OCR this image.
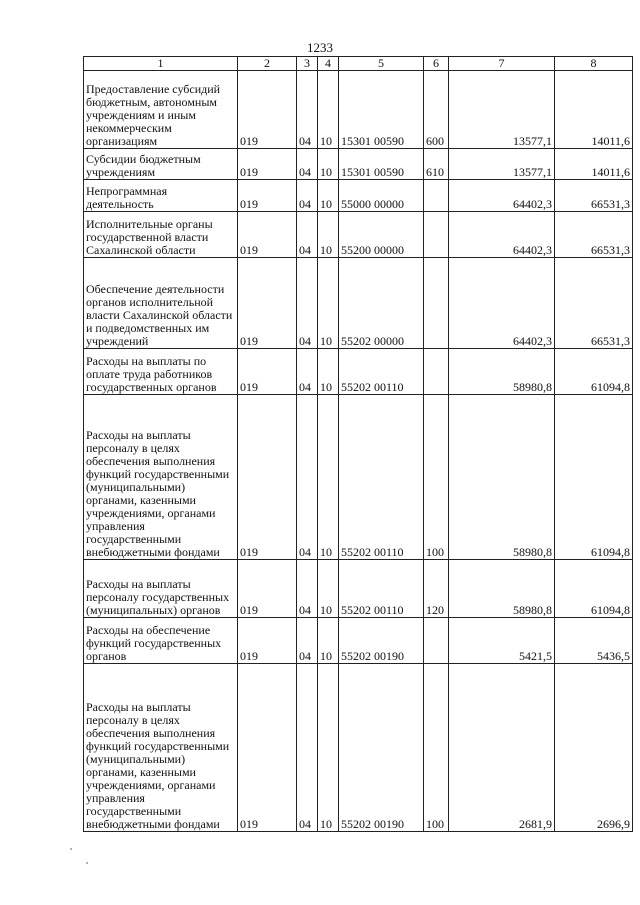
1233
1	2	3	4	5	6	7	8
Предоставление субсидий бюджетным, автономным учреждениям и иным некоммерческим организациям	019	04	10	15301 00590	600	13577,1	14011,6
Субсидии бюджетным учреждениям	019	04	10	15301 00590	610	13577,1	14011,6
Непрограммная деятельность	019	04	10	55000 00000		64402,3	66531,3
Исполнительные органы государственной власти Сахалинской области	019	04	10	55200 00000		64402,3	66531,3
Обеспечение деятельности органов исполнительной власти Сахалинской области и подведомственных им учреждений	019	04	10	55202 00000		64402,3	66531,3
Расходы на выплаты по оплате труда работников государственных органов	019	04	10	55202 00110		58980,8	61094,8
Расходы на выплаты персоналу в целях обеспечения выполнения функций государственными (муниципальными) органами, казенными учреждениями, органами управления государственными внебюджетными фондами	019	04	10	55202 00110	100	58980,8	61094,8
Расходы на выплаты персоналу государственных (муниципальных) органов	019	04	10	55202 00110	120	58980,8	61094,8
Расходы на обеспечение функций государственных органов	019	04	10	55202 00190		5421,5	5436,5
Расходы на выплаты персоналу в целях обеспечения выполнения функций государственными (муниципальными) органами, казенными учреждениями, органами управления государственными внебюджетными фондами	019	04	10	55202 00190	100	2681,9	2696,9
